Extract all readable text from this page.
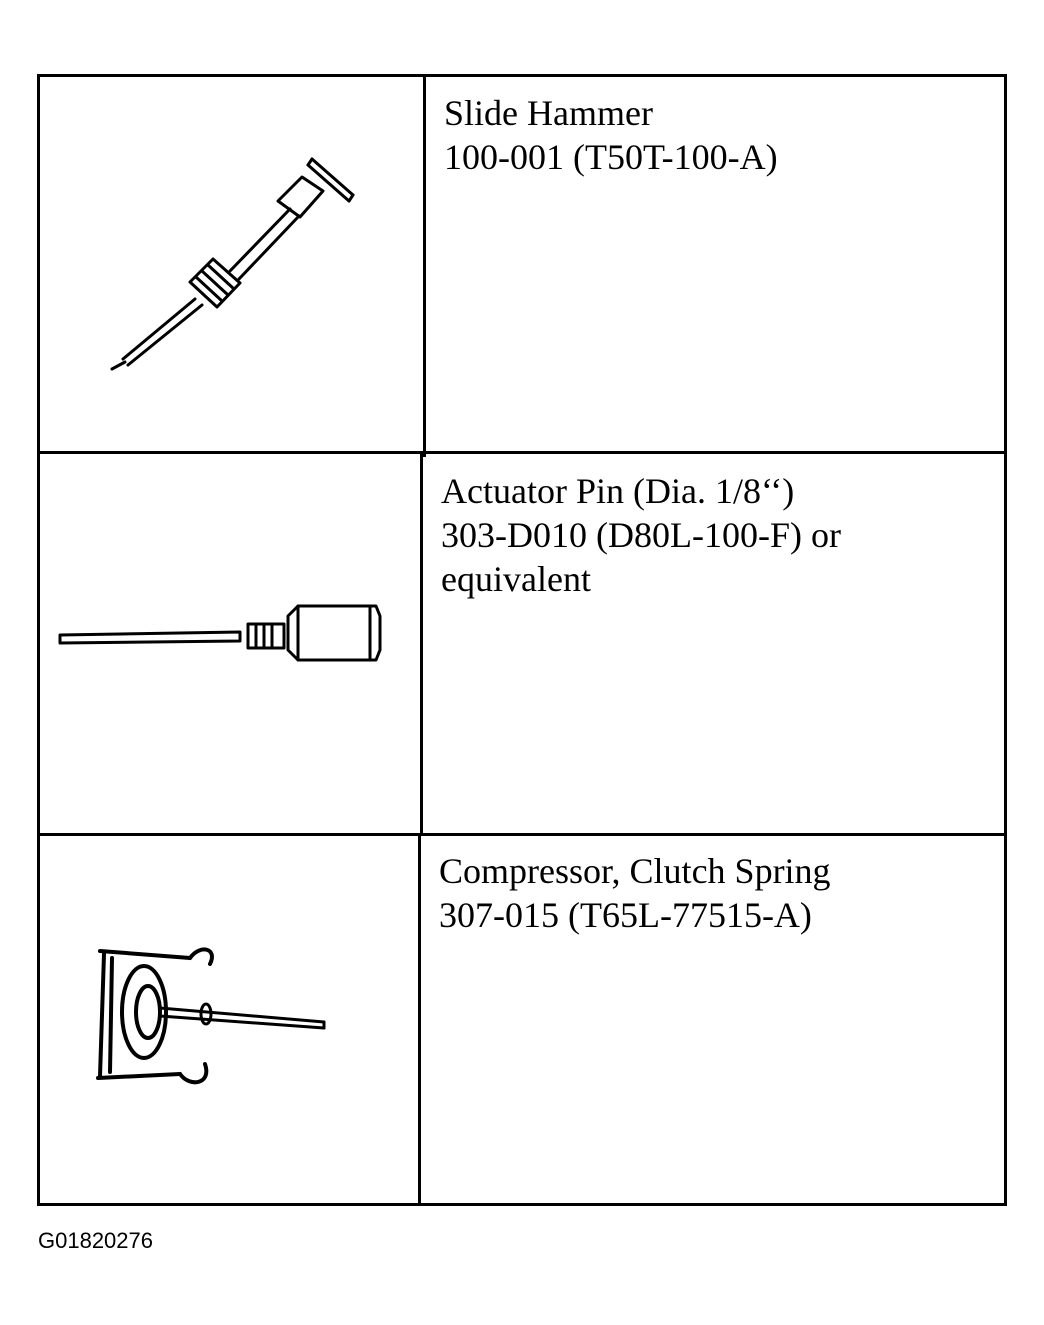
Slide Hammer
100-001 (T50T-100-A)
Actuator Pin (Dia. 1/8‘‘)
303-D010 (D80L-100-F) or
equivalent
Compressor, Clutch Spring
307-015 (T65L-77515-A)
G01820276
